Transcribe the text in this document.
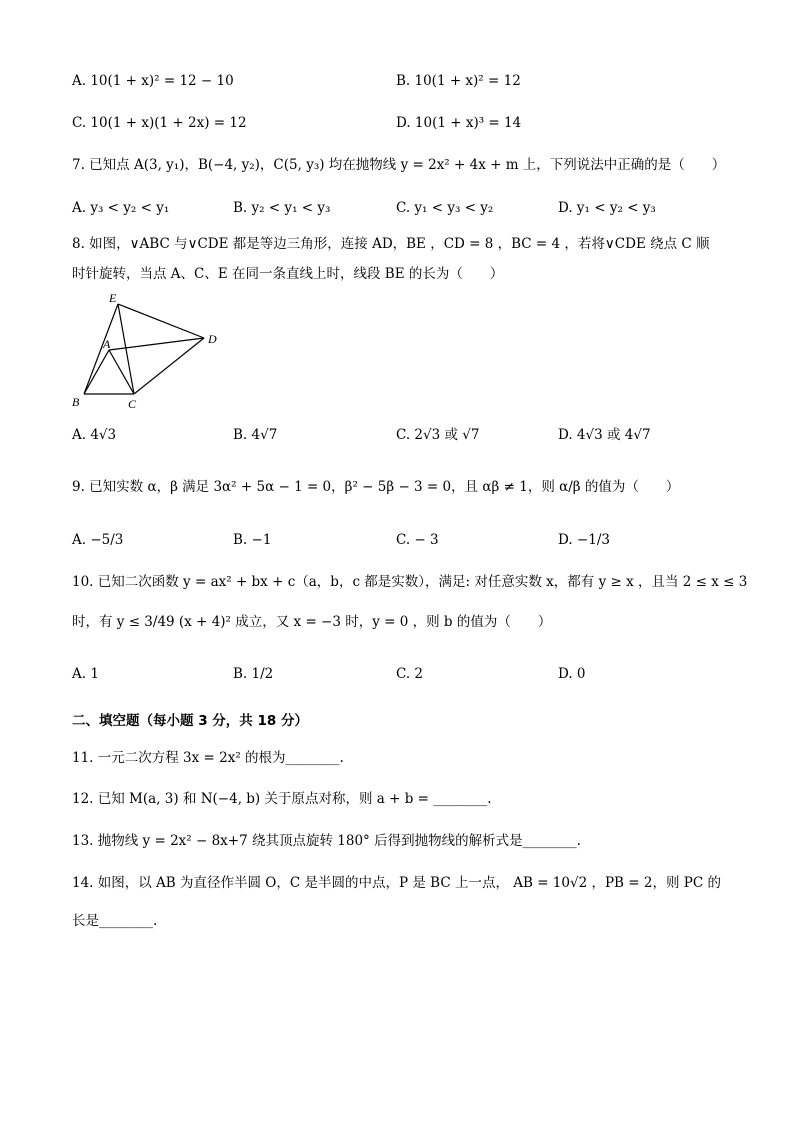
A. 10(1 + x)² = 12 − 10	B. 10(1 + x)² = 12
C. 10(1 + x)(1 + 2x) = 12	D. 10(1 + x)³ = 14
7. 已知点 A(3, y₁)，B(−4, y₂)，C(5, y₃) 均在抛物线 y = 2x² + 4x + m 上，下列说法中正确的是（　　）
A. y₃ < y₂ < y₁	B. y₂ < y₁ < y₃	C. y₁ < y₃ < y₂	D. y₁ < y₂ < y₃
8. 如图，∨ABC 与∨CDE 都是等边三角形，连接 AD，BE ，CD = 8 ，BC = 4 ，若将∨CDE 绕点 C 顺
时针旋转，当点 A、C、E 在同一条直线上时，线段 BE 的长为（　　）
E
A	D
B	C
A. 4√3	B. 4√7	C. 2√3 或 √7	D. 4√3 或 4√7
9. 已知实数 α，β 满足 3α² + 5α − 1 = 0，β² − 5β − 3 = 0，且 αβ ≠ 1，则 α/β 的值为（　　）
A. −5/3	B. −1	C. − 3	D. −1/3
10. 已知二次函数 y = ax² + bx + c（a，b，c 都是实数），满足: 对任意实数 x，都有 y ≥ x ，且当 2 ≤ x ≤ 3
时，有 y ≤ 3/49 (x + 4)² 成立，又 x = −3 时，y = 0 ，则 b 的值为（　　）
A. 1	B. 1/2	C. 2	D. 0
二、填空题（每小题 3 分，共 18 分）
11. 一元二次方程 3x = 2x² 的根为________.
12. 已知 M(a, 3) 和 N(−4, b) 关于原点对称，则 a + b = ________.
13. 抛物线 y = 2x² − 8x+7 绕其顶点旋转 180° 后得到抛物线的解析式是________.
14. 如图，以 AB 为直径作半圆 O，C 是半圆的中点，P 是 BC 上一点， AB = 10√2 ，PB = 2，则 PC 的
长是________.
